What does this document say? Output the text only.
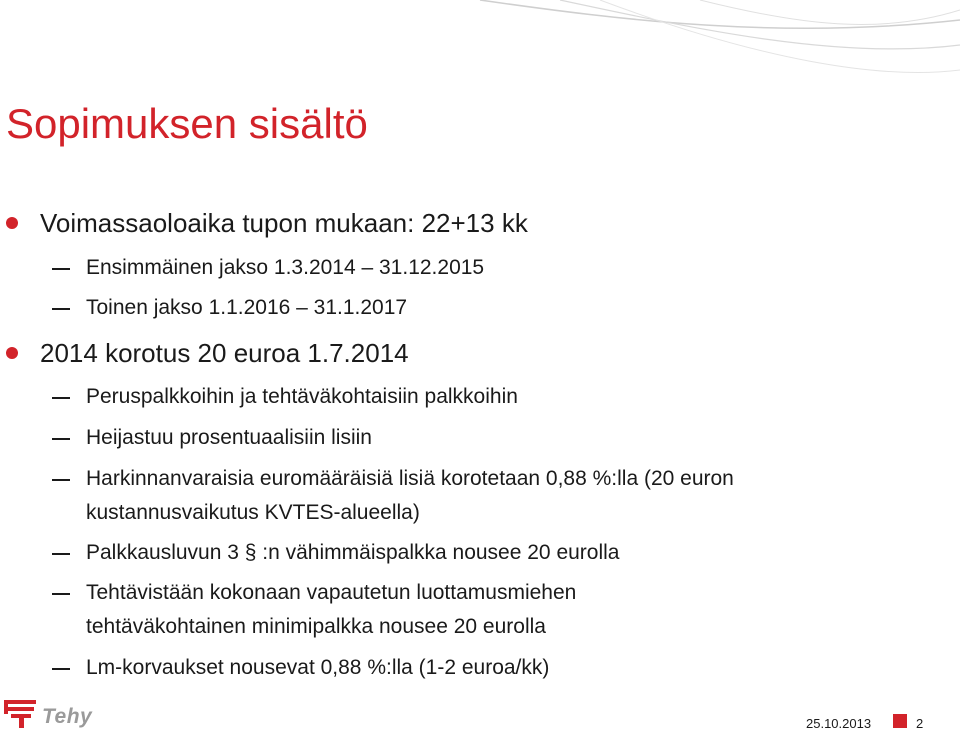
Sopimuksen sisältö
Voimassaoloaika tupon mukaan: 22+13 kk
Ensimmäinen jakso 1.3.2014 – 31.12.2015
Toinen jakso 1.1.2016 – 31.1.2017
2014 korotus 20 euroa 1.7.2014
Peruspalkkoihin ja tehtäväkohtaisiin palkkoihin
Heijastuu prosentuaalisiin lisiin
Harkinnanvaraisia euromääräisiä lisiä korotetaan 0,88 %:lla (20 euron kustannusvaikutus KVTES-alueella)
Palkkausluvun 3 § :n vähimmäispalkka nousee 20 eurolla
Tehtävistään kokonaan vapautetun luottamusmiehen tehtäväkohtainen minimipalkka nousee 20 eurolla
Lm-korvaukset nousevat 0,88 %:lla (1-2 euroa/kk)
Tehy	25.10.2013	2
